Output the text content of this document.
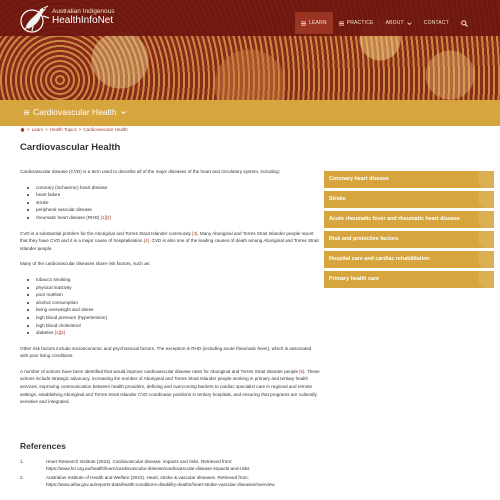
Australian Indigenous
HealthInfoNet	LEARN	PRACTICE ABOUT	CONTACT
Cardiovascular Health
> Learn > Health Topics > Cardiovascular Health
Cardiovascular Health

Cardiovascular disease (CVD) is a term used to describe all of the major diseases of the heart and circulatory system, including:

coronary (ischaemic) heart disease
heart failure
stroke
peripheral vascular disease
rheumatic heart disease (RHD) [1][2]

CVD is a substantial problem for the Aboriginal and Torres Strait Islander community [3]. Many Aboriginal and Torres Strait Islander people report that they have CVD and it is a major cause of hospitalisation [4]. CVD is also one of the leading causes of death among Aboriginal and Torres Strait Islander people.

Many of the cardiovascular diseases share risk factors, such as:

tobacco smoking
physical inactivity
poor nutrition
alcohol consumption
being overweight and obese
high blood pressure (hypertension)
high blood cholesterol
diabetes [1][3]

Other risk factors include socioeconomic and psychosocial factors. The exception is RHD (including acute rheumatic fever), which is associated with poor living conditions.

A number of actions have been identified that would improve cardiovascular disease rates for Aboriginal and Torres Strait Islander people [6]. These actions include strategic advocacy, increasing the number of Aboriginal and Torres Strait Islander people working in primary and tertiary health services, improving communication between health providers, defining and overcoming barriers to cardiac specialist care in regional and remote settings, establishing Aboriginal and Torres Strait Islander CVD coordinator positions in tertiary hospitals, and ensuring that programs are culturally sensitive and integrated.

References
1.	Heart Research Institute (2023). Cardiovascular disease: impacts and risks. Retrieved from: https://www.hri.org.au/health/learn/cardiovascular-disease/cardiovascular-disease-impacts-and-risks
2.	Australian Institute of Health and Welfare (2023). Heart, stroke & vascular diseases. Retrieved from: https://www.aihw.gov.au/reports-data/health-conditions-disability-deaths/heart-stroke-vascular-diseases/overview
Coronary heart disease
Stroke
Acute rheumatic fever and rheumatic heart disease
Risk and protective factors
Hospital care and cardiac rehabilitation
Primary health care
